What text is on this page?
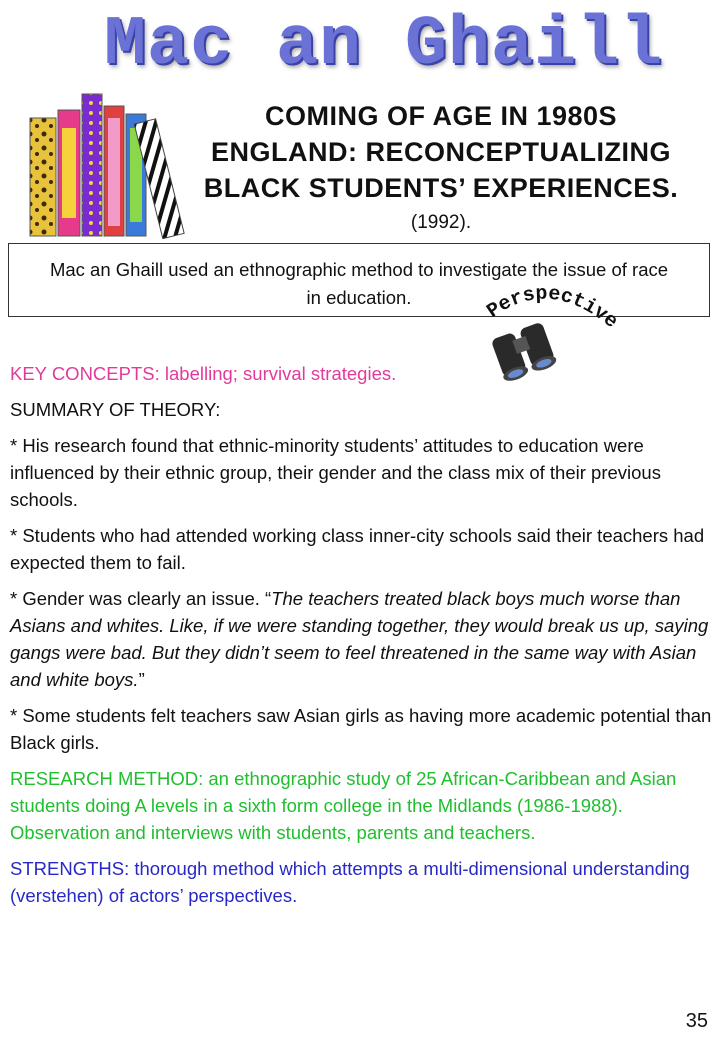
Mac an Ghaill
COMING OF AGE IN 1980S
ENGLAND: RECONCEPTUALIZING
BLACK STUDENTS’ EXPERIENCES.
(1992).
Mac an Ghaill used an ethnographic method to investigate the issue of race in education.
Perspective

KEY CONCEPTS: labelling; survival strategies.

SUMMARY OF THEORY:

* His research found that ethnic-minority students’ attitudes to education were influenced by their ethnic group, their gender and the class mix of their previous schools.

* Students who had attended working class inner-city schools said their teachers had expected them to fail.

* Gender was clearly an issue. “The teachers treated black boys much worse than Asians and whites. Like, if we were standing together, they would break us up, saying gangs were bad. But they didn’t seem to feel threatened in the same way with Asian and white boys.”

* Some students felt teachers saw Asian girls as having more academic potential than Black girls.

RESEARCH METHOD: an ethnographic study of 25 African-Caribbean and Asian students doing A levels in a sixth form college in the Midlands (1986-1988). Observation and interviews with students, parents and teachers.

STRENGTHS: thorough method which attempts a multi-dimensional understanding (verstehen) of actors’ perspectives.

35
